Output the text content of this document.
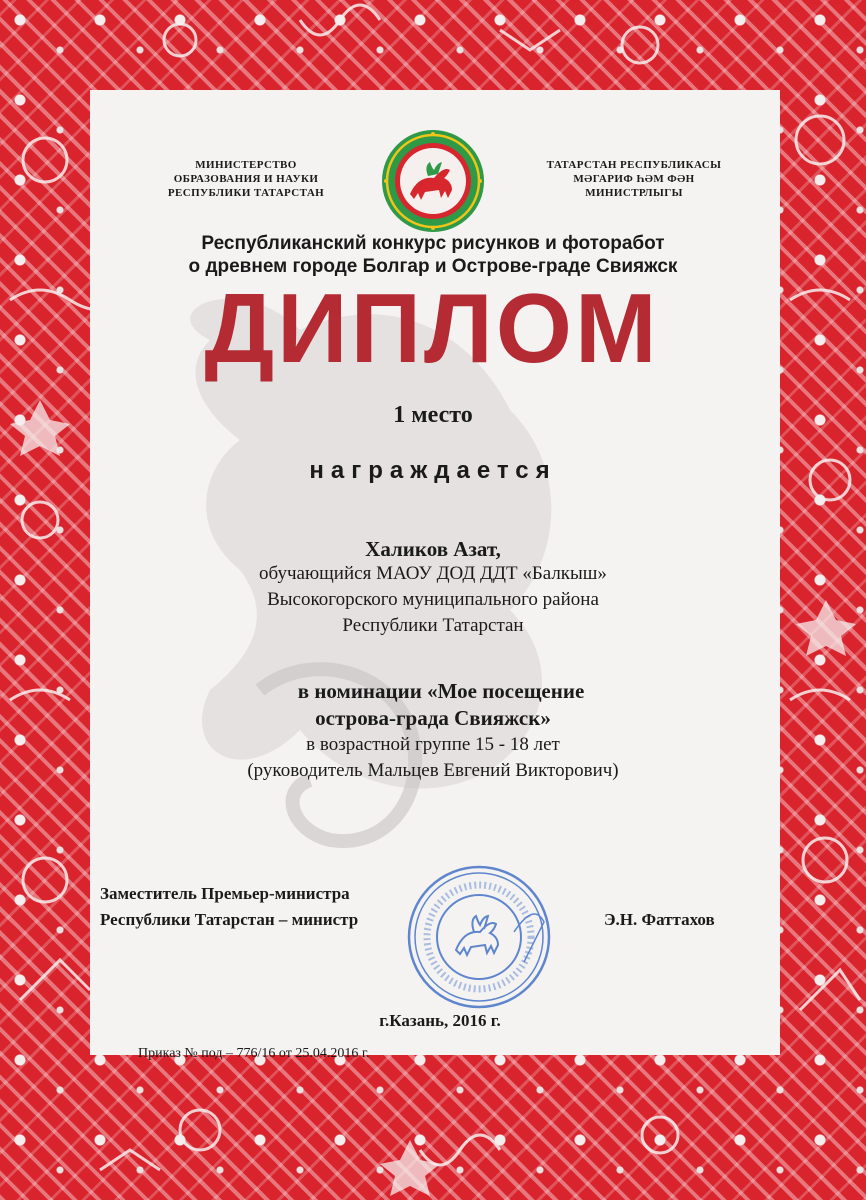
МИНИСТЕРСТВО
ОБРАЗОВАНИЯ И НАУКИ
РЕСПУБЛИКИ ТАТАРСТАН
ТАТАРСТАН РЕСПУБЛИКАСЫ
МӘГАРИФ ҺӘМ ФӘН
МИНИСТРЛЫГЫ

Республиканский конкурс рисунков и фоторабот

о древнем городе Болгар и Острове-граде Свияжск

ДИПЛОМ

1 место

награждается

Халиков Азат,

обучающийся МАОУ ДОД ДДТ «Балкыш»

Высокогорского муниципального района

Республики Татарстан

в номинации «Мое посещение

острова-града Свияжск»

в возрастной группе 15 - 18 лет

(руководитель Мальцев Евгений Викторович)

Заместитель Премьер-министра

Республики Татарстан – министр	Э.Н. Фаттахов

г.Казань, 2016 г.

Приказ № под – 776/16 от 25.04.2016 г.
